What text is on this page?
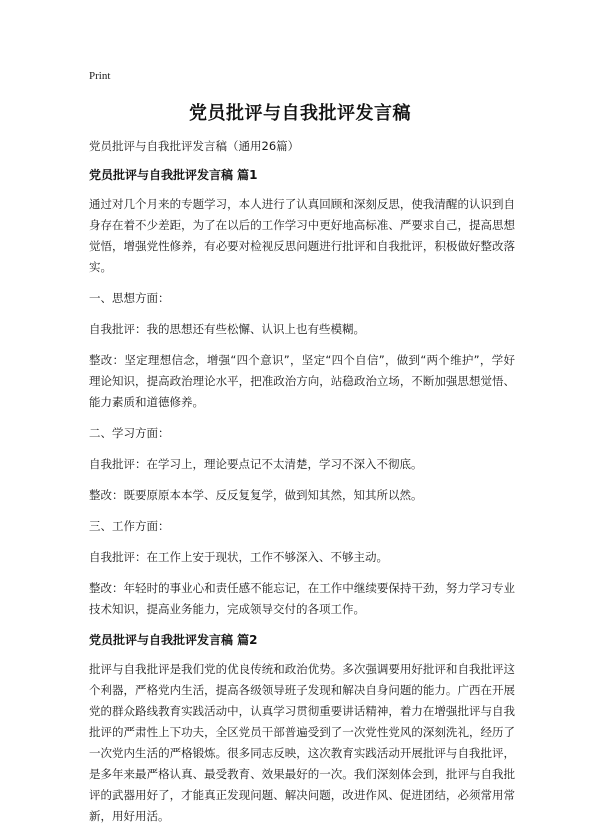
Print
党员批评与自我批评发言稿

党员批评与自我批评发言稿（通用26篇）

党员批评与自我批评发言稿 篇1

通过对几个月来的专题学习，本人进行了认真回顾和深刻反思，使我清醒的认识到自身存在着不少差距，为了在以后的工作学习中更好地高标准、严要求自己，提高思想觉悟，增强党性修养，有必要对检视反思问题进行批评和自我批评，积极做好整改落实。

一、思想方面：

自我批评：我的思想还有些松懈、认识上也有些模糊。

整改：坚定理想信念，增强“四个意识”，坚定“四个自信”，做到“两个维护”，学好理论知识，提高政治理论水平，把准政治方向，站稳政治立场，不断加强思想觉悟、能力素质和道德修养。

二、学习方面：

自我批评：在学习上，理论要点记不太清楚，学习不深入不彻底。

整改：既要原原本本学、反反复复学，做到知其然，知其所以然。

三、工作方面：

自我批评：在工作上安于现状，工作不够深入、不够主动。

整改：年轻时的事业心和责任感不能忘记，在工作中继续要保持干劲，努力学习专业技术知识，提高业务能力，完成领导交付的各项工作。

党员批评与自我批评发言稿 篇2

批评与自我批评是我们党的优良传统和政治优势。多次强调要用好批评和自我批评这个利器，严格党内生活，提高各级领导班子发现和解决自身问题的能力。广西在开展党的群众路线教育实践活动中，认真学习贯彻重要讲话精神，着力在增强批评与自我批评的严肃性上下功夫，全区党员干部普遍受到了一次党性党风的深刻洗礼，经历了一次党内生活的严格锻炼。很多同志反映，这次教育实践活动开展批评与自我批评，是多年来最严格认真、最受教育、效果最好的一次。我们深刻体会到，批评与自我批评的武器用好了，才能真正发现问题、解决问题，改进作风、促进团结，必须常用常新，用好用活。
